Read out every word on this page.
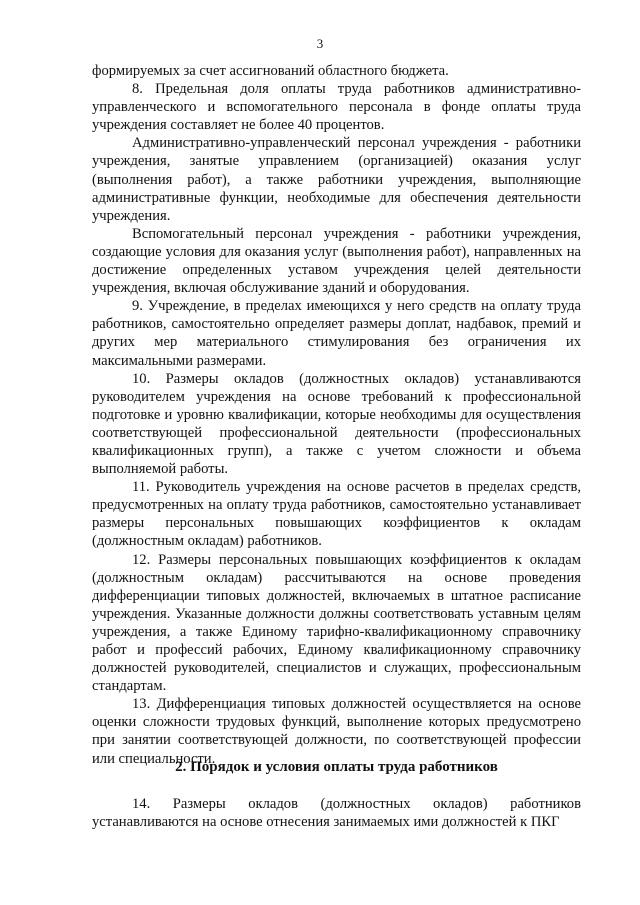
3

формируемых за счет ассигнований областного бюджета.

8. Предельная доля оплаты труда работников административно-управленческого и вспомогательного персонала в фонде оплаты труда учреждения составляет не более 40 процентов.

Административно-управленческий персонал учреждения - работники учреждения, занятые управлением (организацией) оказания услуг (выполнения работ), а также работники учреждения, выполняющие административные функции, необходимые для обеспечения деятельности учреждения.

Вспомогательный персонал учреждения - работники учреждения, создающие условия для оказания услуг (выполнения работ), направленных на достижение определенных уставом учреждения целей деятельности учреждения, включая обслуживание зданий и оборудования.

9. Учреждение, в пределах имеющихся у него средств на оплату труда работников, самостоятельно определяет размеры доплат, надбавок, премий и других мер материального стимулирования без ограничения их максимальными размерами.

10. Размеры окладов (должностных окладов) устанавливаются руководителем учреждения на основе требований к профессиональной подготовке и уровню квалификации, которые необходимы для осуществления соответствующей профессиональной деятельности (профессиональных квалификационных групп), а также с учетом сложности и объема выполняемой работы.

11. Руководитель учреждения на основе расчетов в пределах средств, предусмотренных на оплату труда работников, самостоятельно устанавливает размеры персональных повышающих коэффициентов к окладам (должностным окладам) работников.

12. Размеры персональных повышающих коэффициентов к окладам (должностным окладам) рассчитываются на основе проведения дифференциации типовых должностей, включаемых в штатное расписание учреждения. Указанные должности должны соответствовать уставным целям учреждения, а также Единому тарифно-квалификационному справочнику работ и профессий рабочих, Единому квалификационному справочнику должностей руководителей, специалистов и служащих, профессиональным стандартам.

13. Дифференциация типовых должностей осуществляется на основе оценки сложности трудовых функций, выполнение которых предусмотрено при занятии соответствующей должности, по соответствующей профессии или специальности.

2. Порядок и условия оплаты труда работников

14. Размеры окладов (должностных окладов) работников

устанавливаются на основе отнесения занимаемых ими должностей к ПКГ
